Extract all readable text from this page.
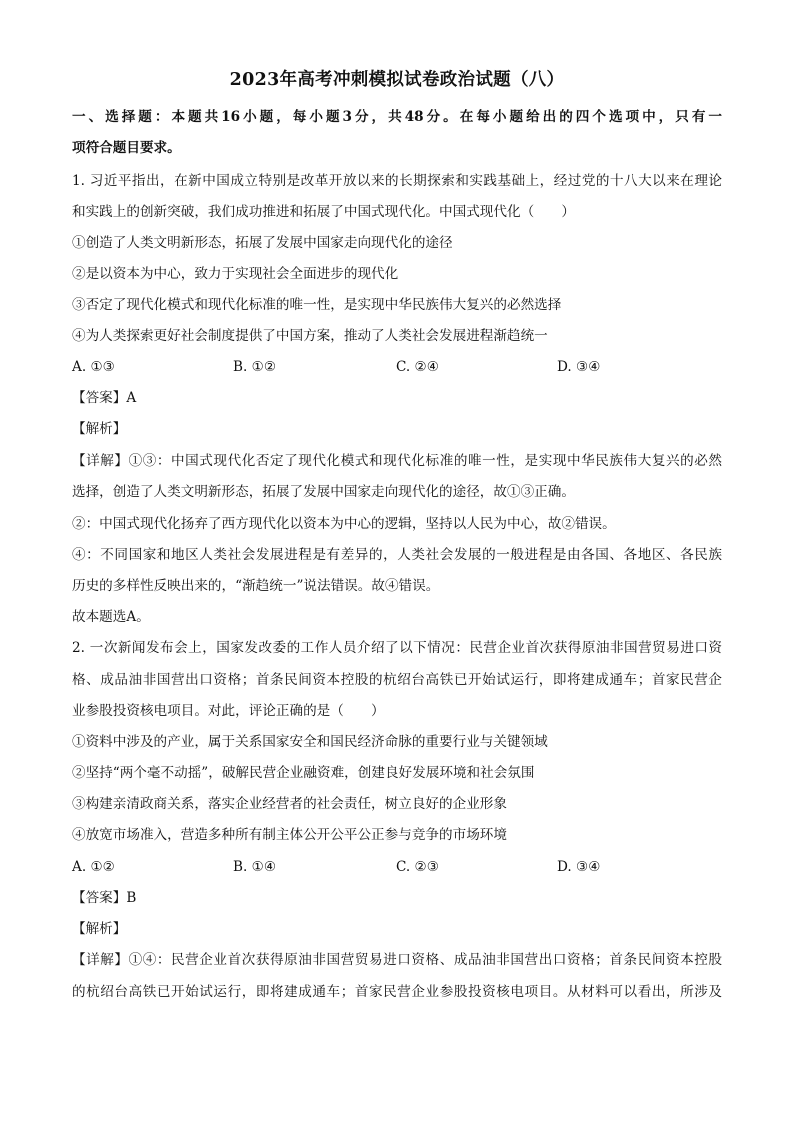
2023年高考冲刺模拟试卷政治试题（八）
一、选择题：本题共16小题，每小题3分，共48分。在每小题给出的四个选项中，只有一
项符合题目要求。
1. 习近平指出，在新中国成立特别是改革开放以来的长期探索和实践基础上，经过党的十八大以来在理论
和实践上的创新突破，我们成功推进和拓展了中国式现代化。中国式现代化（　　）
①创造了人类文明新形态，拓展了发展中国家走向现代化的途径
②是以资本为中心，致力于实现社会全面进步的现代化
③否定了现代化模式和现代化标准的唯一性，是实现中华民族伟大复兴的必然选择
④为人类探索更好社会制度提供了中国方案，推动了人类社会发展进程渐趋统一
A. ①③	B. ①②	C. ②④	D. ③④
【答案】A
【解析】
【详解】①③：中国式现代化否定了现代化模式和现代化标准的唯一性，是实现中华民族伟大复兴的必然
选择，创造了人类文明新形态，拓展了发展中国家走向现代化的途径，故①③正确。
②：中国式现代化扬弃了西方现代化以资本为中心的逻辑，坚持以人民为中心，故②错误。
④：不同国家和地区人类社会发展进程是有差异的，人类社会发展的一般进程是由各国、各地区、各民族
历史的多样性反映出来的，“渐趋统一”说法错误。故④错误。
故本题选A。
2. 一次新闻发布会上，国家发改委的工作人员介绍了以下情况：民营企业首次获得原油非国营贸易进口资
格、成品油非国营出口资格；首条民间资本控股的杭绍台高铁已开始试运行，即将建成通车；首家民营企
业参股投资核电项目。对此，评论正确的是（　　）
①资料中涉及的产业，属于关系国家安全和国民经济命脉的重要行业与关键领域
②坚持“两个毫不动摇”，破解民营企业融资难，创建良好发展环境和社会氛围
③构建亲清政商关系，落实企业经营者的社会责任，树立良好的企业形象
④放宽市场准入，营造多种所有制主体公开公平公正参与竞争的市场环境
A. ①②	B. ①④	C. ②③	D. ③④
【答案】B
【解析】
【详解】①④：民营企业首次获得原油非国营贸易进口资格、成品油非国营出口资格；首条民间资本控股
的杭绍台高铁已开始试运行，即将建成通车；首家民营企业参股投资核电项目。从材料可以看出，所涉及
